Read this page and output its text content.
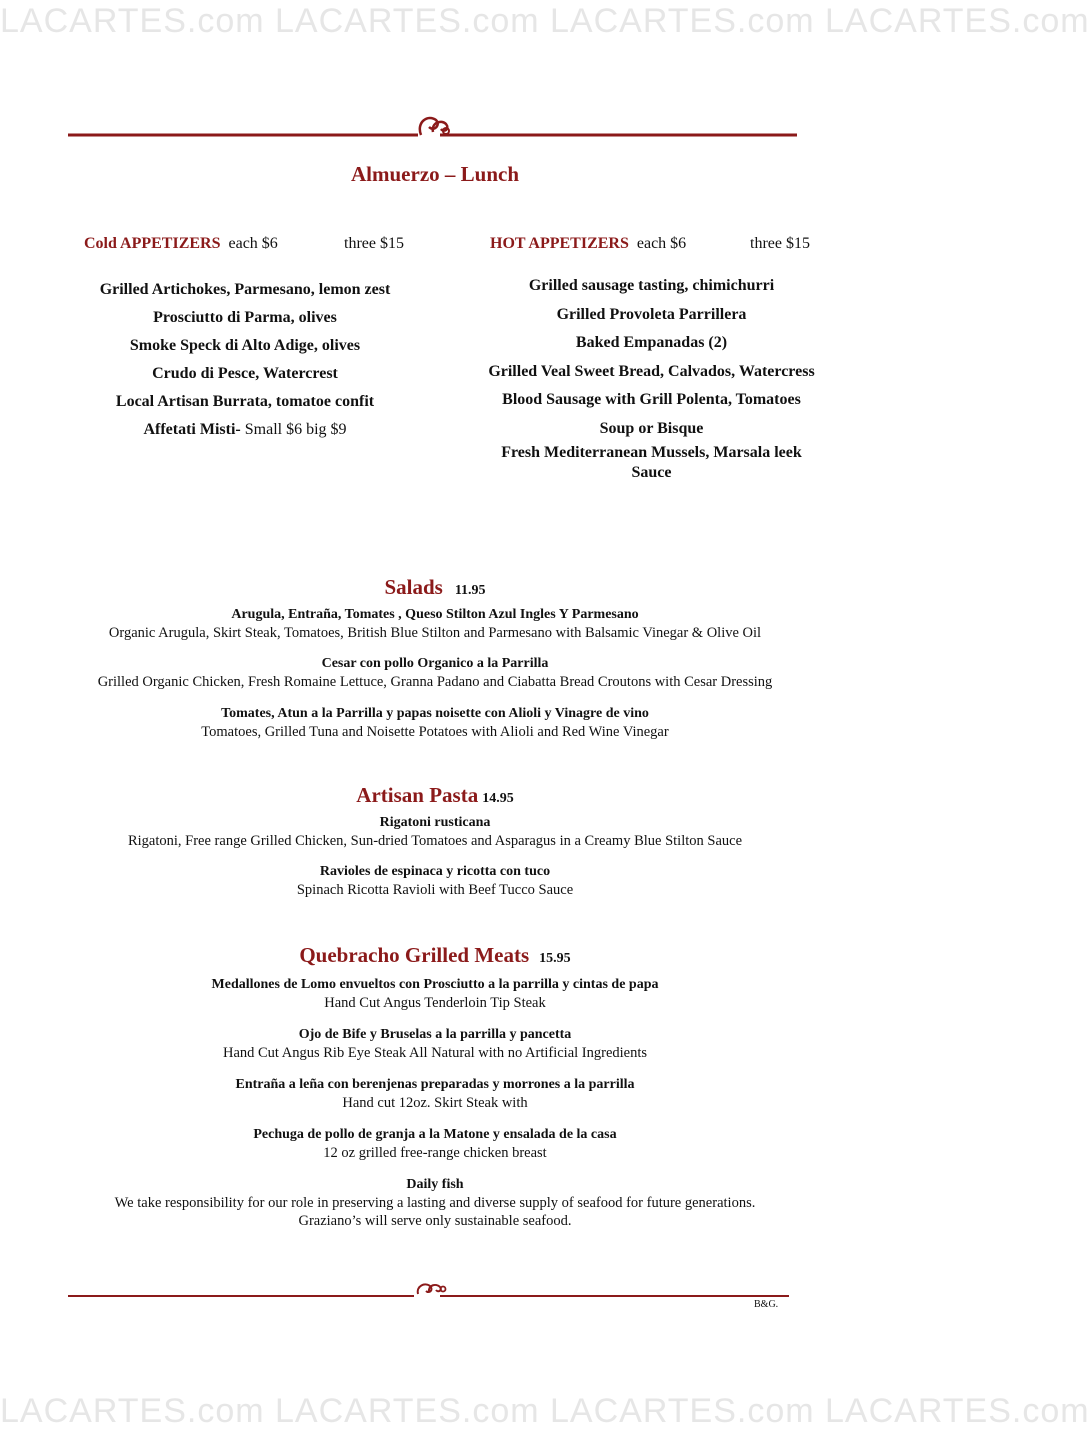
LACARTES.com LACARTES.com LACARTES.com LACARTES.com
LACARTES.com LACARTES.com LACARTES.com LACARTES.com
Almuerzo – Lunch
Cold APPETIZERS each $6	three $15
Grilled Artichokes, Parmesano, lemon zest
Prosciutto di Parma, olives
Smoke Speck di Alto Adige, olives
Crudo di Pesce, Watercrest
Local Artisan Burrata, tomatoe confit
Affetati Misti- Small $6 big $9
HOT APPETIZERS each $6	three $15
Grilled sausage tasting, chimichurri
Grilled Provoleta Parrillera
Baked Empanadas (2)
Grilled Veal Sweet Bread, Calvados, Watercress
Blood Sausage with Grill Polenta, Tomatoes
Soup or Bisque
Fresh Mediterranean Mussels, Marsala leek
Sauce
Salads 11.95
Arugula, Entraña, Tomates , Queso Stilton Azul Ingles Y Parmesano
Organic Arugula, Skirt Steak, Tomatoes, British Blue Stilton and Parmesano with Balsamic Vinegar & Olive Oil
Cesar con pollo Organico a la Parrilla
Grilled Organic Chicken, Fresh Romaine Lettuce, Granna Padano and Ciabatta Bread Croutons with Cesar Dressing
Tomates, Atun a la Parrilla y papas noisette con Alioli y Vinagre de vino
Tomatoes, Grilled Tuna and Noisette Potatoes with Alioli and Red Wine Vinegar
Artisan Pasta 14.95
Rigatoni rusticana
Rigatoni, Free range Grilled Chicken, Sun-dried Tomatoes and Asparagus in a Creamy Blue Stilton Sauce
Ravioles de espinaca y ricotta con tuco
Spinach Ricotta Ravioli with Beef Tucco Sauce
Quebracho Grilled Meats 15.95
Medallones de Lomo envueltos con Prosciutto a la parrilla y cintas de papa
Hand Cut Angus Tenderloin Tip Steak
Ojo de Bife y Bruselas a la parrilla y pancetta
Hand Cut Angus Rib Eye Steak All Natural with no Artificial Ingredients
Entraña a leña con berenjenas preparadas y morrones a la parrilla
Hand cut 12oz. Skirt Steak with
Pechuga de pollo de granja a la Matone y ensalada de la casa
12 oz grilled free-range chicken breast
Daily fish
We take responsibility for our role in preserving a lasting and diverse supply of seafood for future generations.
Graziano’s will serve only sustainable seafood.
B&G.
